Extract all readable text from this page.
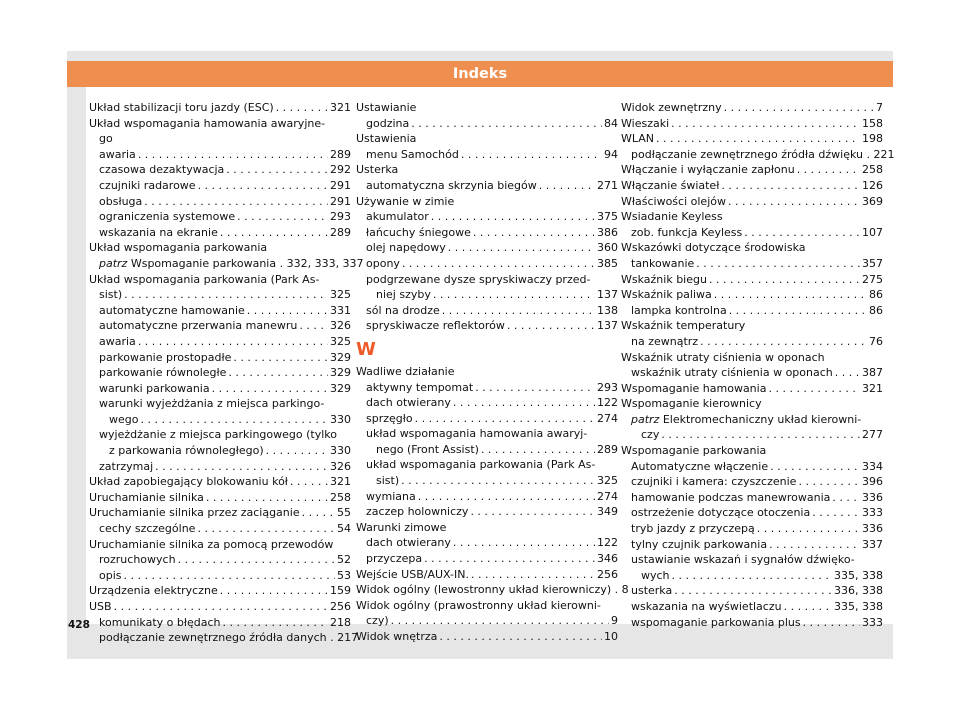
Indeks
Układ stabilizacji toru jazdy (ESC) . . .	321
Układ wspomagania hamowania awaryjne-
go
awaria . . .	289
czasowa dezaktywacja . . .	292
czujniki radarowe . . .	291
obsługa . . .	291
ograniczenia systemowe . . .	293
wskazania na ekranie . . .	289
Układ wspomagania parkowania
patrz Wspomaganie parkowania . 332, 333, 337
Układ wspomagania parkowania (Park As-
sist) . . .	325
automatyczne hamowanie . . .	331
automatyczne przerwania manewru . . .	326
awaria . . .	325
parkowanie prostopadłe . . .	329
parkowanie równoległe . . .	329
warunki parkowania . . .	329
warunki wyjeżdżania z miejsca parkingo-
wego . . .	330
wyjeżdżanie z miejsca parkingowego (tylko
z parkowania równoległego) . . .	330
zatrzymaj . . .	326
Układ zapobiegający blokowaniu kół . . .	321
Uruchamianie silnika . . .	258
Uruchamianie silnika przez zaciąganie . . .	55
cechy szczególne . . .	54
Uruchamianie silnika za pomocą przewodów
rozruchowych . . .	52
opis . . .	53
Urządzenia elektryczne . . .	159
USB . . .	256
komunikaty o błędach . . .	218
podłączanie zewnętrznego źródła danych . 217
Ustawianie
godzina . . .	84
Ustawienia
menu Samochód . . .	94
Usterka
automatyczna skrzynia biegów . . .	271
Używanie w zimie
akumulator . . .	375
łańcuchy śniegowe . . .	386
olej napędowy . . .	360
opony . . .	385
podgrzewane dysze spryskiwaczy przed-
niej szyby . . .	137
sól na drodze . . .	138
spryskiwacze reflektorów . . .	137
W
Wadliwe działanie
aktywny tempomat . . .	293
dach otwierany . . .	122
sprzęgło . . .	274
układ wspomagania hamowania awaryj-
nego (Front Assist) . . .	289
układ wspomagania parkowania (Park As-
sist) . . .	325
wymiana . . .	274
zaczep holowniczy . . .	349
Warunki zimowe
dach otwierany . . .	122
przyczepa . . .	346
Wejście USB/AUX-IN. . . .	256
Widok ogólny (lewostronny układ kierowniczy) . 8
Widok ogólny (prawostronny układ kierowni-
czy) . . .	9
Widok wnętrza . . .	10
Widok zewnętrzny . . .	7
Wieszaki . . .	158
WLAN . . .	198
podłączanie zewnętrznego źródła dźwięku . 221
Włączanie i wyłączanie zapłonu . . .	258
Włączanie świateł . . .	126
Właściwości olejów . . .	369
Wsiadanie Keyless
zob. funkcja Keyless . . .	107
Wskazówki dotyczące środowiska
tankowanie . . .	357
Wskaźnik biegu . . .	275
Wskaźnik paliwa . . .	86
lampka kontrolna . . .	86
Wskaźnik temperatury
na zewnątrz . . .	76
Wskaźnik utraty ciśnienia w oponach
wskaźnik utraty ciśnienia w oponach . . .	387
Wspomaganie hamowania . . .	321
Wspomaganie kierownicy
patrz Elektromechaniczny układ kierowni-
czy . . .	277
Wspomaganie parkowania
Automatyczne włączenie . . .	334
czujniki i kamera: czyszczenie . . .	396
hamowanie podczas manewrowania . . .	336
ostrzeżenie dotyczące otoczenia . . .	333
tryb jazdy z przyczepą . . .	336
tylny czujnik parkowania . . .	337
ustawianie wskazań i sygnałów dźwięko-
wych . . .	335, 338
usterka . . .	336, 338
wskazania na wyświetlaczu . . .	335, 338
wspomaganie parkowania plus . . .	333
428
